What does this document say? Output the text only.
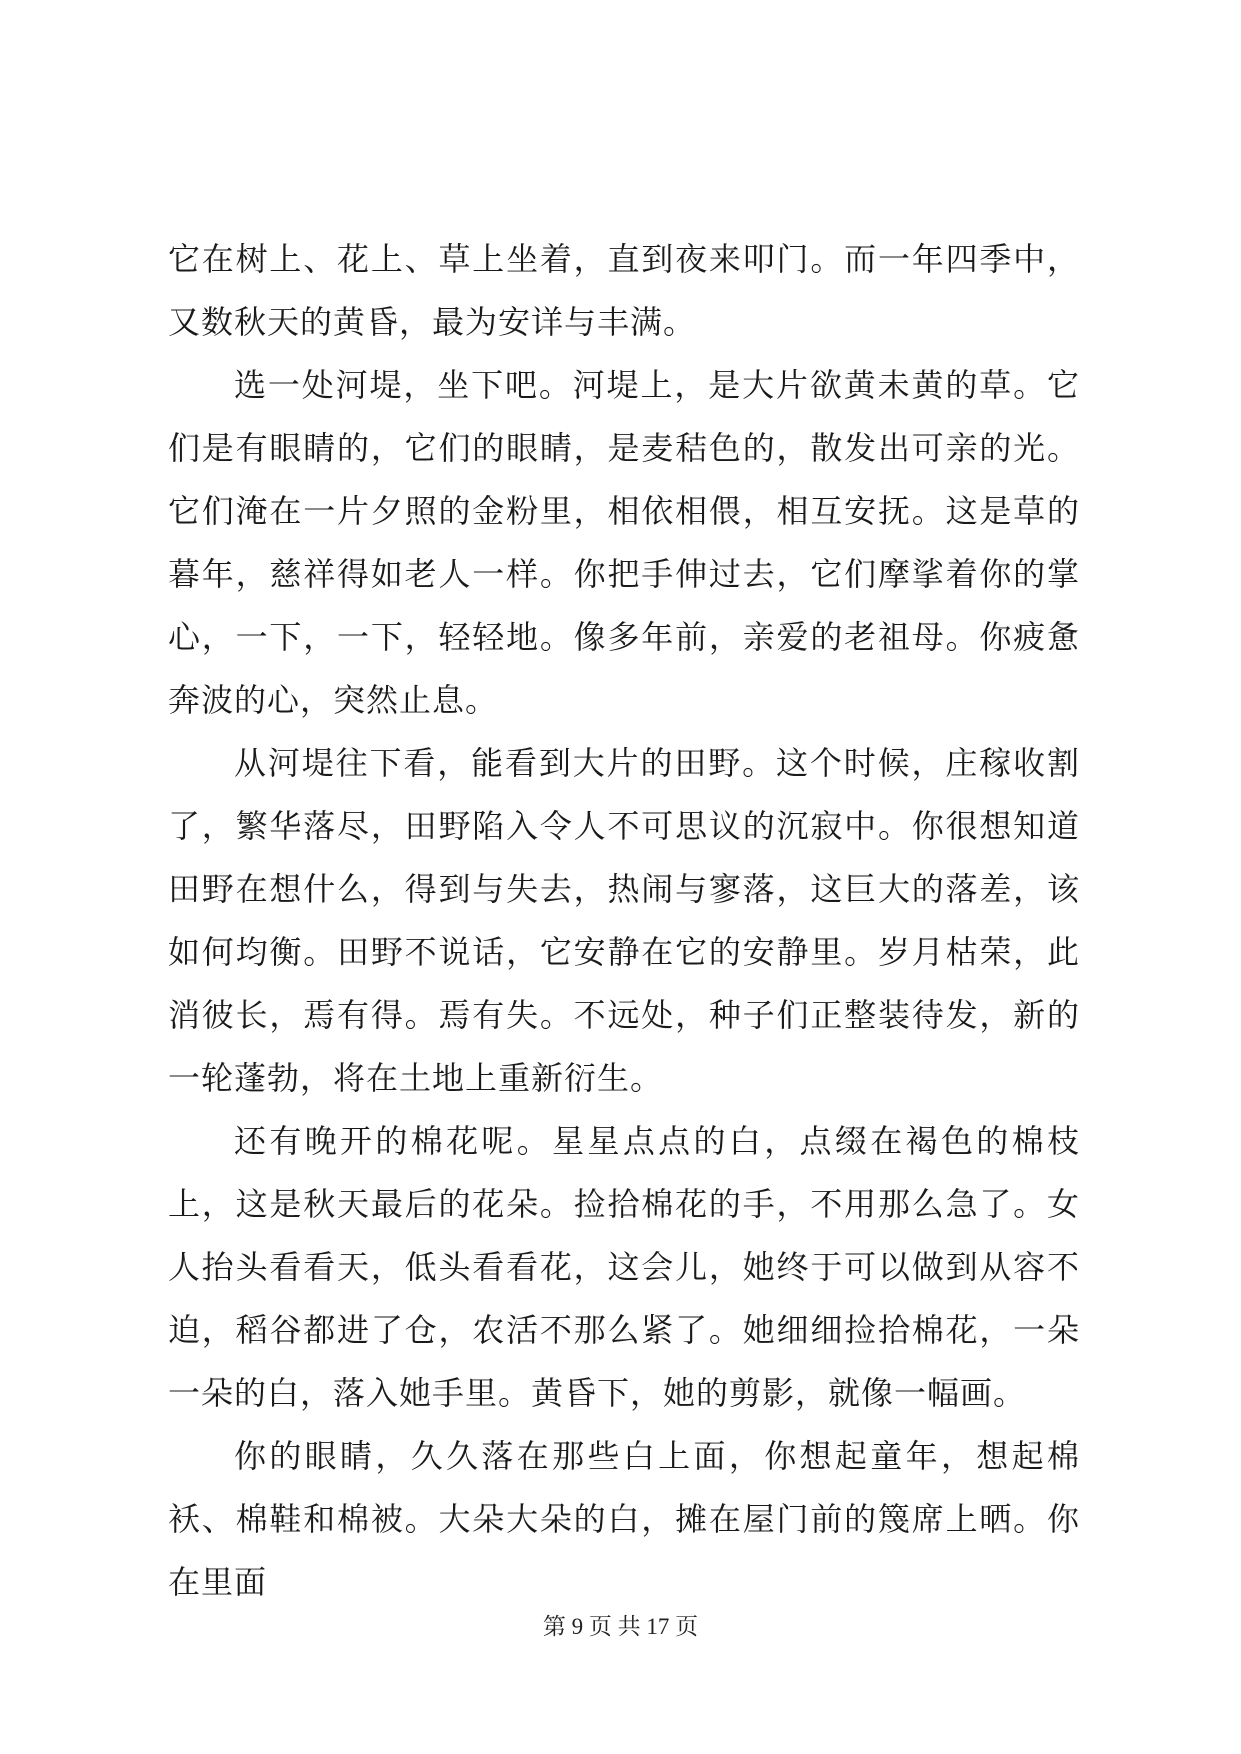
它在树上、花上、草上坐着，直到夜来叩门。而一年四季中，又数秋天的黄昏，最为安详与丰满。

选一处河堤，坐下吧。河堤上，是大片欲黄未黄的草。它们是有眼睛的，它们的眼睛，是麦秸色的，散发出可亲的光。它们淹在一片夕照的金粉里，相依相偎，相互安抚。这是草的暮年，慈祥得如老人一样。你把手伸过去，它们摩挲着你的掌心，一下，一下，轻轻地。像多年前，亲爱的老祖母。你疲惫奔波的心，突然止息。

从河堤往下看，能看到大片的田野。这个时候，庄稼收割了，繁华落尽，田野陷入令人不可思议的沉寂中。你很想知道田野在想什么，得到与失去，热闹与寥落，这巨大的落差，该如何均衡。田野不说话，它安静在它的安静里。岁月枯荣，此消彼长，焉有得。焉有失。不远处，种子们正整装待发，新的一轮蓬勃，将在土地上重新衍生。

还有晚开的棉花呢。星星点点的白，点缀在褐色的棉枝上，这是秋天最后的花朵。捡拾棉花的手，不用那么急了。女人抬头看看天，低头看看花，这会儿，她终于可以做到从容不迫，稻谷都进了仓，农活不那么紧了。她细细捡拾棉花，一朵一朵的白，落入她手里。黄昏下，她的剪影，就像一幅画。

你的眼睛，久久落在那些白上面，你想起童年，想起棉袄、棉鞋和棉被。大朵大朵的白，摊在屋门前的篾席上晒。你在里面

第 9 页 共 17 页
